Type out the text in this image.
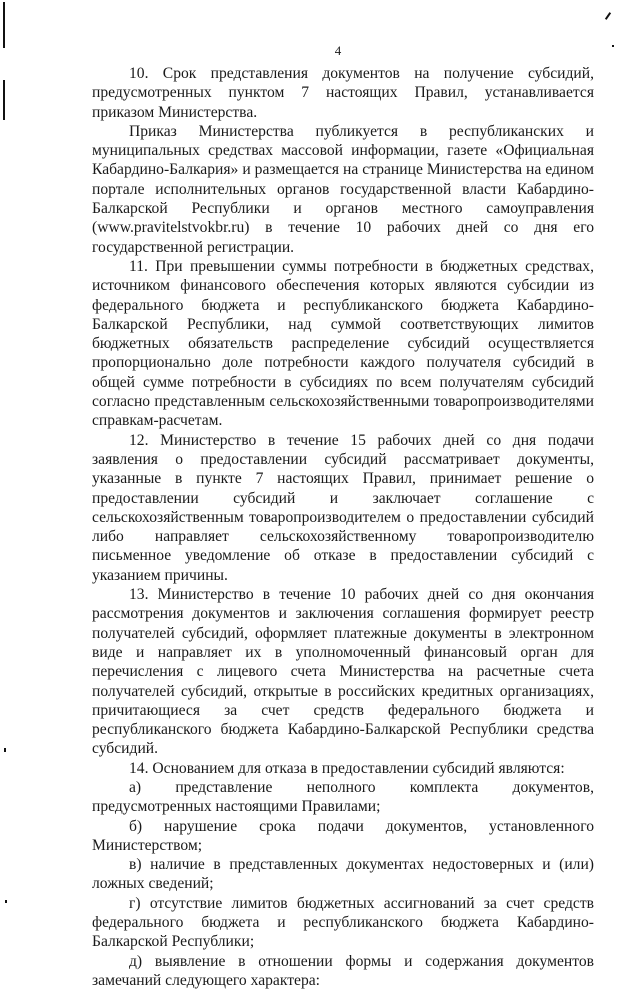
4

10. Срок представления документов на получение субсидий, предусмотренных пунктом 7 настоящих Правил, устанавливается приказом Министерства.

Приказ Министерства публикуется в республиканских и муниципальных средствах массовой информации, газете «Официальная Кабардино-Балкария» и размещается на странице Министерства на едином портале исполнительных органов государственной власти Кабардино-Балкарской Республики и органов местного самоуправления (www.pravitelstvokbr.ru) в течение 10 рабочих дней со дня его государственной регистрации.

11. При превышении суммы потребности в бюджетных средствах, источником финансового обеспечения которых являются субсидии из федерального бюджета и республиканского бюджета Кабардино-Балкарской Республики, над суммой соответствующих лимитов бюджетных обязательств распределение субсидий осуществляется пропорционально доле потребности каждого получателя субсидий в общей сумме потребности в субсидиях по всем получателям субсидий согласно представленным сельскохозяйственными товаропроизводителями справкам-расчетам.

12. Министерство в течение 15 рабочих дней со дня подачи заявления о предоставлении субсидий рассматривает документы, указанные в пункте 7 настоящих Правил, принимает решение о предоставлении субсидий и заключает соглашение с сельскохозяйственным товаропроизводителем о предоставлении субсидий либо направляет сельскохозяйственному товаропроизводителю письменное уведомление об отказе в предоставлении субсидий с указанием причины.

13. Министерство в течение 10 рабочих дней со дня окончания рассмотрения документов и заключения соглашения формирует реестр получателей субсидий, оформляет платежные документы в электронном виде и направляет их в уполномоченный финансовый орган для перечисления с лицевого счета Министерства на расчетные счета получателей субсидий, открытые в российских кредитных организациях, причитающиеся за счет средств федерального бюджета и республиканского бюджета Кабардино-Балкарской Республики средства субсидий.

14. Основанием для отказа в предоставлении субсидий являются:

а) представление неполного комплекта документов, предусмотренных настоящими Правилами;

б) нарушение срока подачи документов, установленного Министерством;

в) наличие в представленных документах недостоверных и (или) ложных сведений;

г) отсутствие лимитов бюджетных ассигнований за счет средств федерального бюджета и республиканского бюджета Кабардино-Балкарской Республики;

д) выявление в отношении формы и содержания документов замечаний следующего характера:
